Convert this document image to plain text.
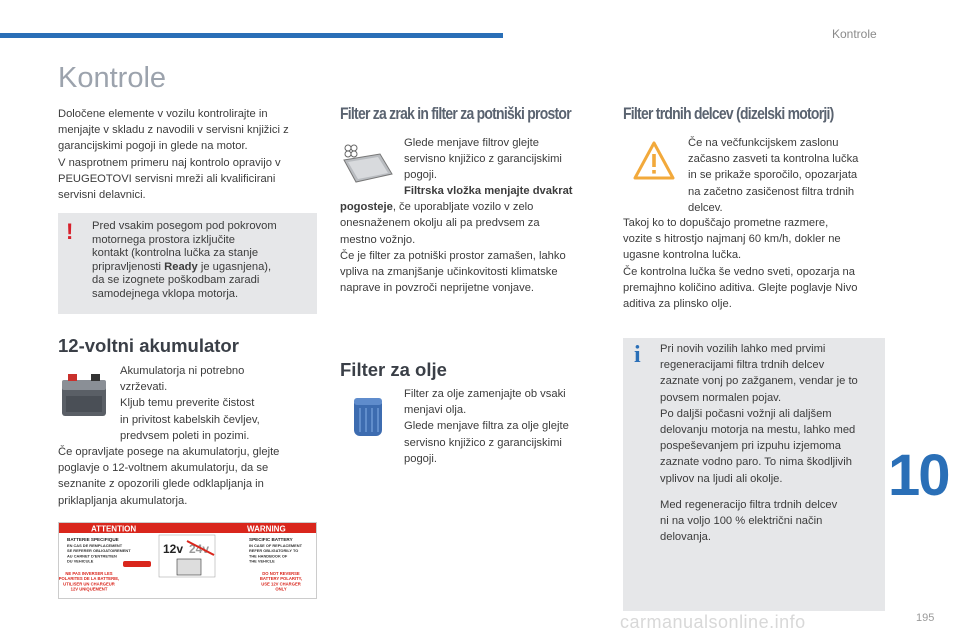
Kontrole
Kontrole

Določene elemente v vozilu kontrolirajte in

menjajte v skladu z navodili v servisni knjižici z

garancijskimi pogoji in glede na motor.

V nasprotnem primeru naj kontrolo opravijo v

PEUGEOTOVI servisni mreži ali kvalificirani

servisni delavnici.

! Pred vsakim posegom pod pokrovom

motornega prostora izključite

kontakt (kontrolna lučka za stanje

pripravljenosti Ready je ugasnjena),

da se izognete poškodbam zaradi

samodejnega vklopa motorja.

12-voltni akumulator

Akumulatorja ni potrebno

vzrževati.

Kljub temu preverite čistost

in privitost kabelskih čevljev,

predvsem poleti in pozimi.

Če opravljate posege na akumulatorju, glejte

poglavje o 12-voltnem akumulatorju, da se

seznanite z opozorili glede odklapljanja in

priklapljanja akumulatorja.

ATTENTION	WARNING
BATTERIE SPECIFIQUE
EN CAS DE REMPLACEMENT
SE REFERER OBLIGATOIREMENT
AU CARNET D'ENTRETIEN
DU VEHICULE
SPECIFIC BATTERY
IN CASE OF REPLACEMENT
REFER OBLIGATORILY TO
THE HANDBOOK OF
THE VEHICLE
12v 24v
NE PAS INVERSER LES
POLARITES DE LA BATTERIE,
UTILISER UN CHARGEUR
12V UNIQUEMENT
DO NOT REVERSE
BATTERY POLARITY,
USE 12V CHARGER
ONLY
Filter za zrak in filter za potniški prostor

Glede menjave filtrov glejte

servisno knjižico z garancijskimi

pogoji.

Filtrska vložka menjajte dvakrat

pogosteje, če uporabljate vozilo v zelo

onesnaženem okolju ali pa predvsem za

mestno vožnjo.

Če je filter za potniški prostor zamašen, lahko

vpliva na zmanjšanje učinkovitosti klimatske

naprave in povzroči neprijetne vonjave.

Filter za olje

Filter za olje zamenjajte ob vsaki

menjavi olja.

Glede menjave filtra za olje glejte

servisno knjižico z garancijskimi

pogoji.

Filter trdnih delcev (dizelski motorji)

Če na večfunkcijskem zaslonu

začasno zasveti ta kontrolna lučka

in se prikaže sporočilo, opozarjata

na začetno zasičenost filtra trdnih

delcev.

Takoj ko to dopuščajo prometne razmere,

vozite s hitrostjo najmanj 60 km/h, dokler ne

ugasne kontrolna lučka.

Če kontrolna lučka še vedno sveti, opozarja na

premajhno količino aditiva. Glejte poglavje Nivo

aditiva za plinsko olje.

i Pri novih vozilih lahko med prvimi

regeneracijami filtra trdnih delcev

zaznate vonj po zažganem, vendar je to

povsem normalen pojav.

Po daljši počasni vožnji ali daljšem

delovanju motorja na mestu, lahko med

pospeševanjem pri izpuhu izjemoma

zaznate vodno paro. To nima škodljivih

vplivov na ljudi ali okolje.

Med regeneracijo filtra trdnih delcev

ni na voljo 100 % električni način

delovanja.

10
195
carmanualsonline.info
